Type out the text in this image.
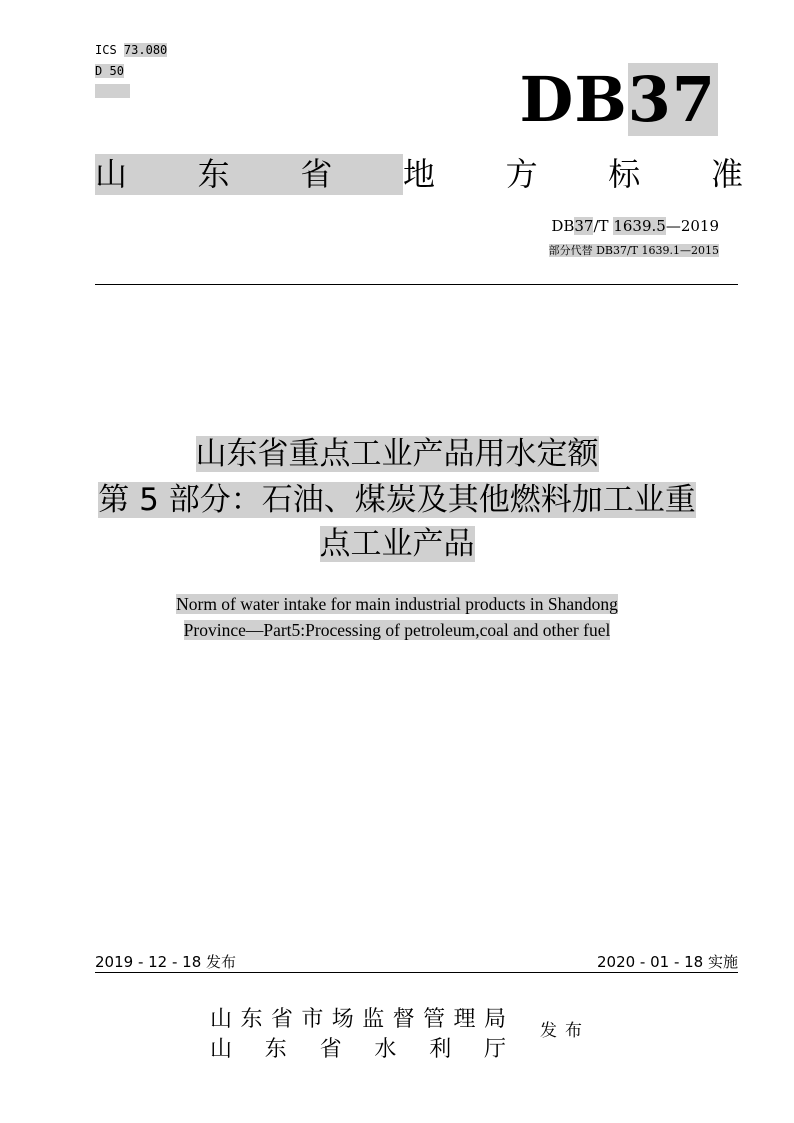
ICS 73.080
D 50	DB37
山 东 省 地 方 标 准
DB37/T 1639.5—2019
部分代替 DB37/T 1639.1—2015
山东省重点工业产品用水定额
第 5 部分：石油、煤炭及其他燃料加工业重
点工业产品
Norm of water intake for main industrial products in Shandong
Province—Part5:Processing of petroleum,coal and other fuel
2019 - 12 - 18 发布	2020 - 01 - 18 实施
山 东 省 市 场 监 督 管 理 局
山 东 省 水 利 厅
发布
